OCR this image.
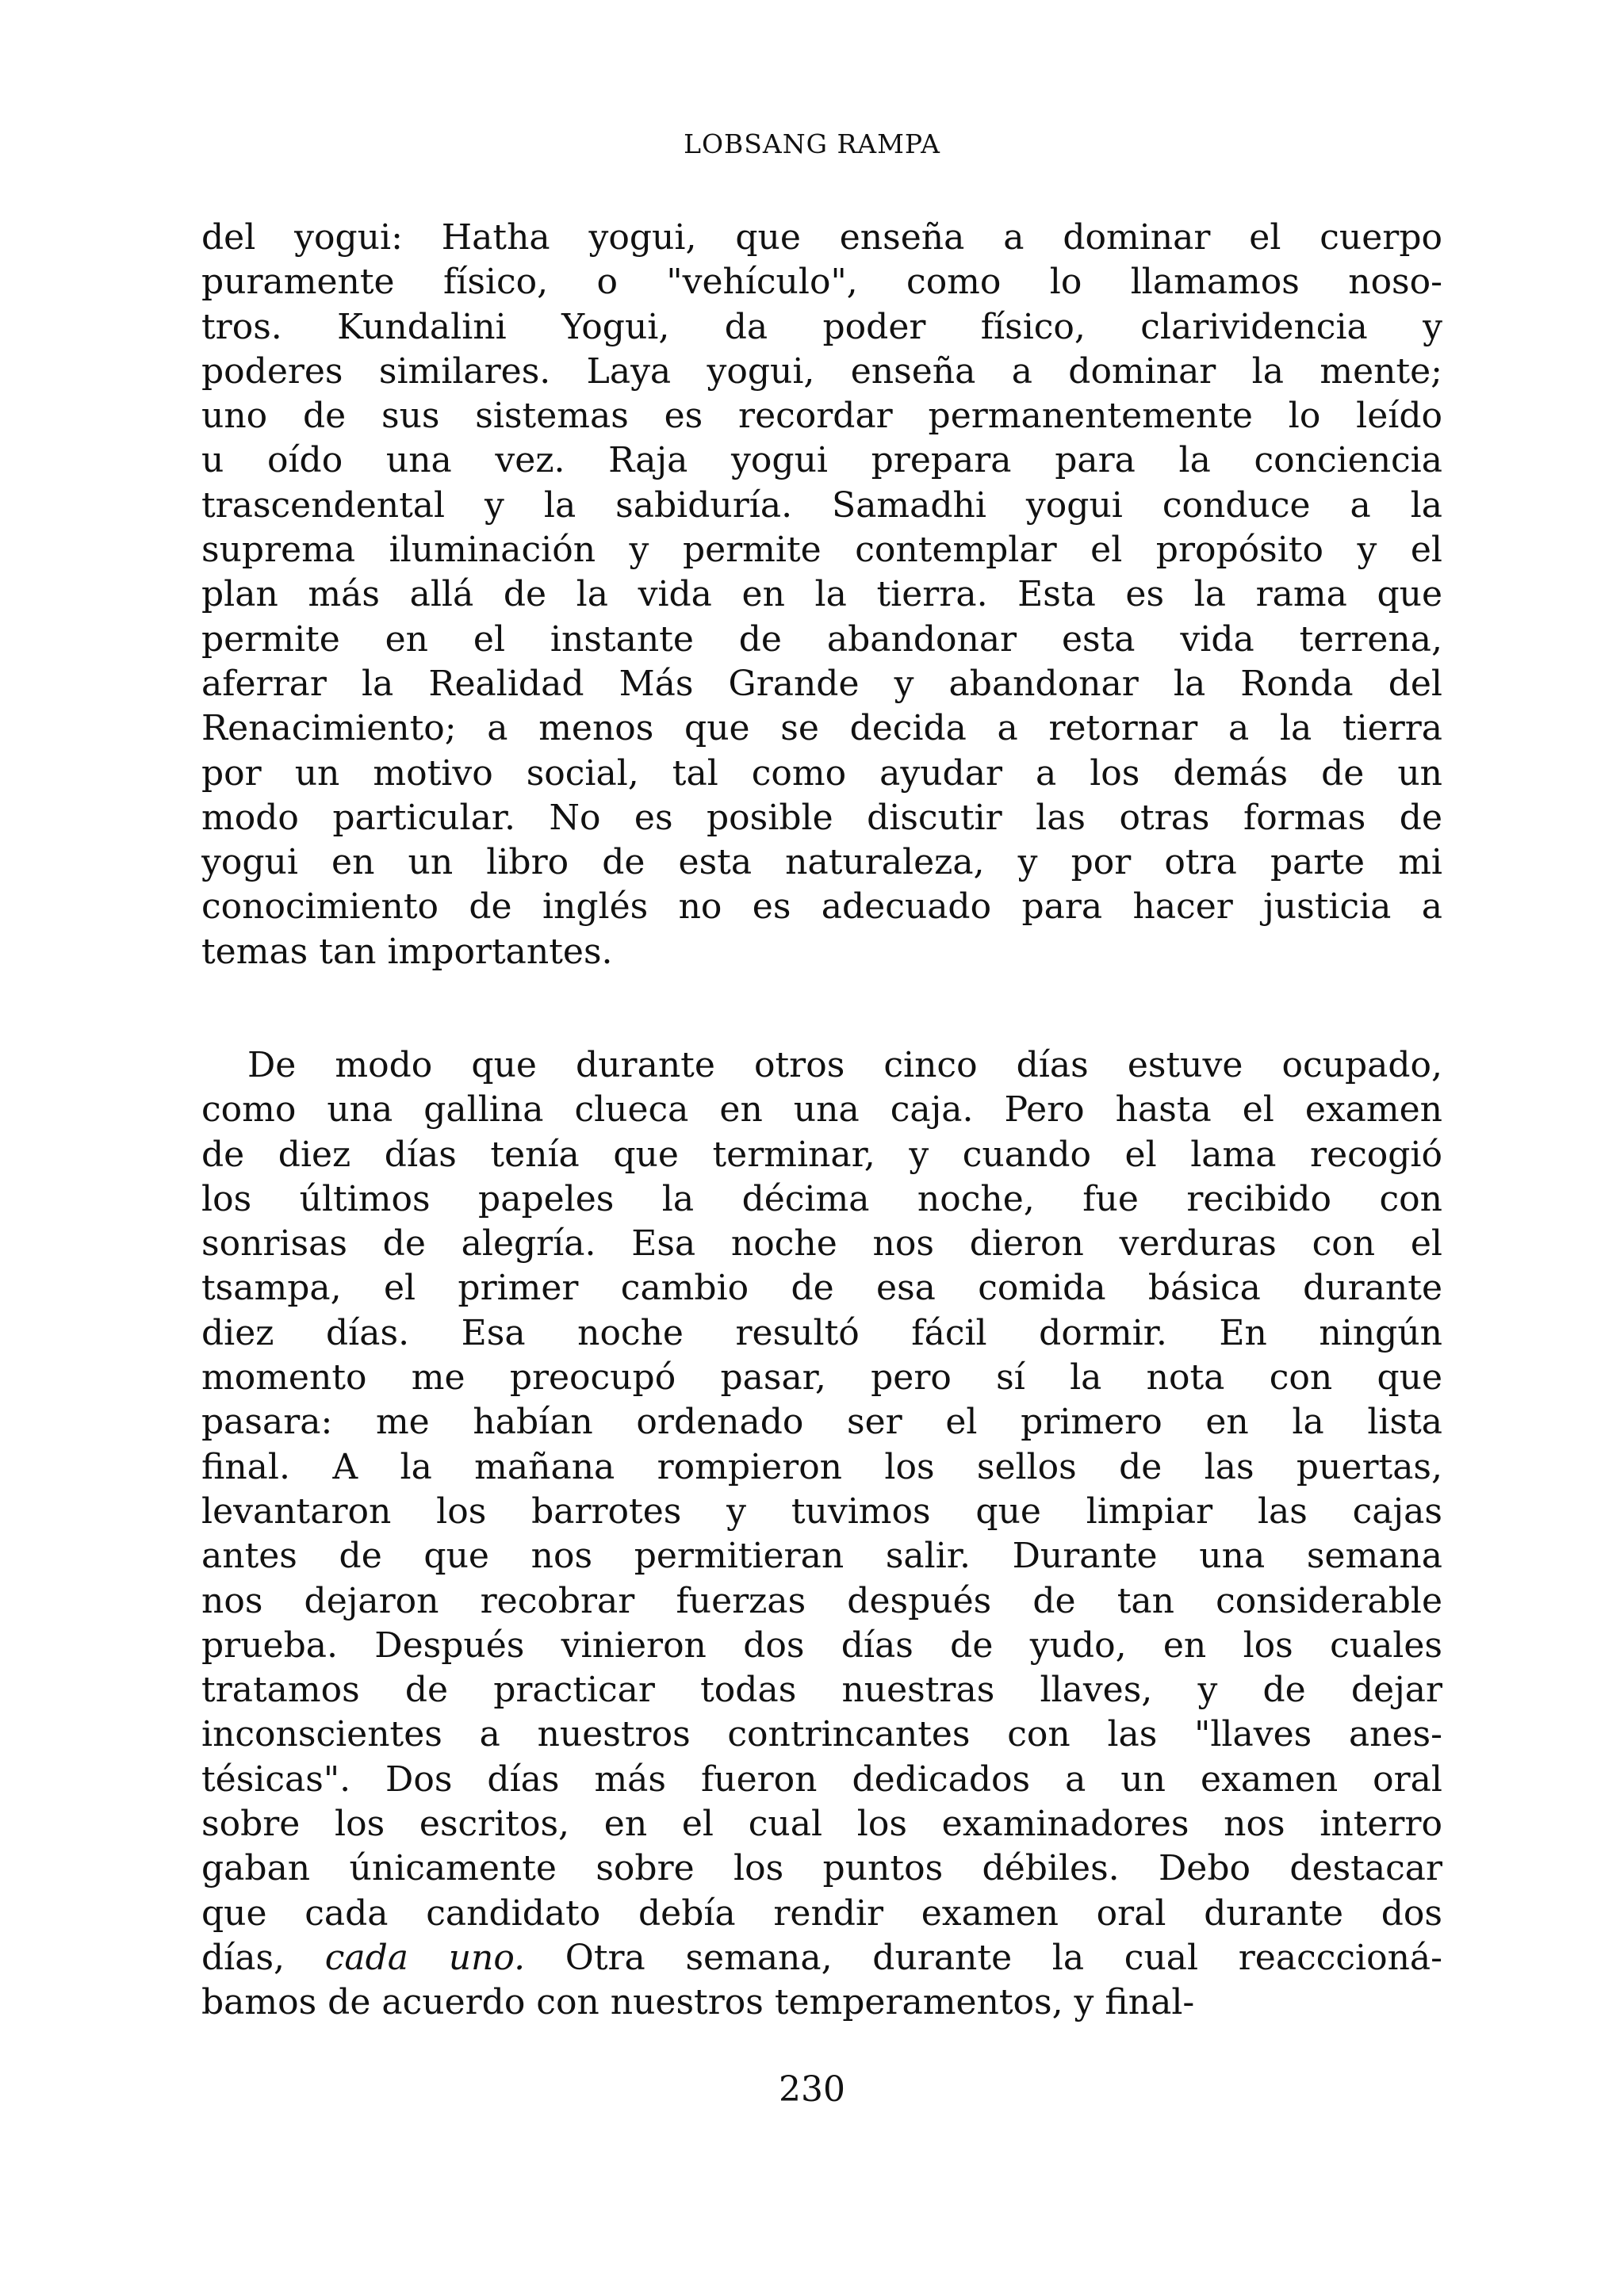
LOBSANG RAMPA
del yogui: Hatha yogui, que enseña a dominar el cuerpo
puramente físico, o "vehículo", como lo llamamos noso-
tros. Kundalini Yogui, da poder físico, clarividencia y
poderes similares. Laya yogui, enseña a dominar la mente;
uno de sus sistemas es recordar permanentemente lo leído
u oído una vez. Raja yogui prepara para la conciencia
trascendental y la sabiduría. Samadhi yogui conduce a la
suprema iluminación y permite contemplar el propósito y el
plan más allá de la vida en la tierra. Esta es la rama que
permite en el instante de abandonar esta vida terrena,
aferrar la Realidad Más Grande y abandonar la Ronda del
Renacimiento; a menos que se decida a retornar a la tierra
por un motivo social, tal como ayudar a los demás de un
modo particular. No es posible discutir las otras formas de
yogui en un libro de esta naturaleza, y por otra parte mi
conocimiento de inglés no es adecuado para hacer justicia a
temas tan importantes.
De modo que durante otros cinco días estuve ocupado,
como una gallina clueca en una caja. Pero hasta el examen
de diez días tenía que terminar, y cuando el lama recogió
los últimos papeles la décima noche, fue recibido con
sonrisas de alegría. Esa noche nos dieron verduras con el
tsampa, el primer cambio de esa comida básica durante
diez días. Esa noche resultó fácil dormir. En ningún
momento me preocupó pasar, pero sí la nota con que
pasara: me habían ordenado ser el primero en la lista
final. A la mañana rompieron los sellos de las puertas,
levantaron los barrotes y tuvimos que limpiar las cajas
antes de que nos permitieran salir. Durante una semana
nos dejaron recobrar fuerzas después de tan considerable
prueba. Después vinieron dos días de yudo, en los cuales
tratamos de practicar todas nuestras llaves, y de dejar
inconscientes a nuestros contrincantes con las "llaves anes-
tésicas". Dos días más fueron dedicados a un examen oral
sobre los escritos, en el cual los examinadores nos interro
gaban únicamente sobre los puntos débiles. Debo destacar
que cada candidato debía rendir examen oral durante dos
días, cada uno. Otra semana, durante la cual reacccioná-
bamos de acuerdo con nuestros temperamentos, y final-
230
